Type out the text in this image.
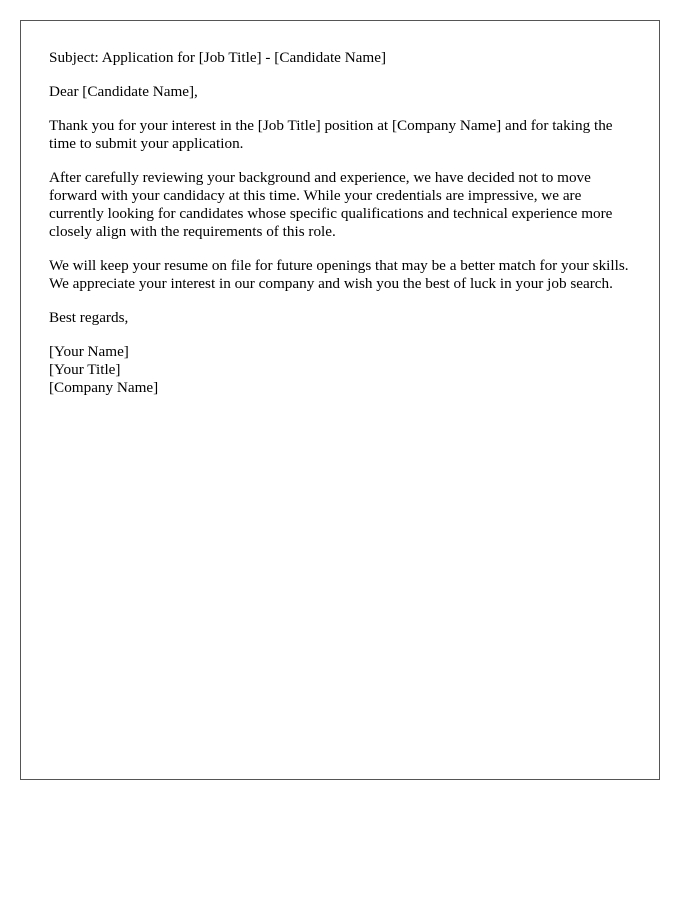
Subject: Application for [Job Title] - [Candidate Name]

Dear [Candidate Name],

Thank you for your interest in the [Job Title] position at [Company Name] and for taking the time to submit your application.

After carefully reviewing your background and experience, we have decided not to move forward with your candidacy at this time. While your credentials are impressive, we are currently looking for candidates whose specific qualifications and technical experience more closely align with the requirements of this role.

We will keep your resume on file for future openings that may be a better match for your skills. We appreciate your interest in our company and wish you the best of luck in your job search.

Best regards,

[Your Name]
[Your Title]
[Company Name]
